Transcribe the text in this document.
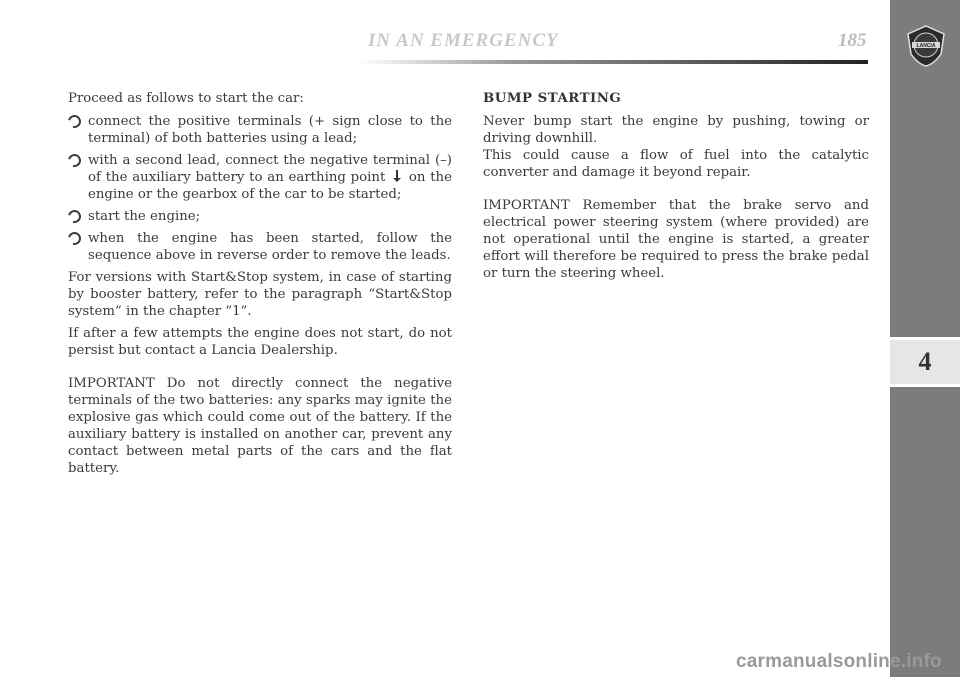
IN AN EMERGENCY	185	LANCIA
4

Proceed as follows to start the car:

connect the positive terminals (+ sign close to the terminal) of both batteries using a lead;
with a second lead, connect the negative terminal (–) of the auxiliary battery to an earthing point on the engine or the gearbox of the car to be started;
start the engine;
when the engine has been started, follow the sequence above in reverse order to remove the leads.

For versions with Start&Stop system, in case of starting by booster battery, refer to the paragraph “Start&Stop system” in the chapter “1”.

If after a few attempts the engine does not start, do not persist but contact a Lancia Dealership.

IMPORTANT Do not directly connect the negative terminals of the two batteries: any sparks may ignite the explosive gas which could come out of the battery. If the auxiliary battery is installed on another car, prevent any contact between metal parts of the cars and the flat battery.

BUMP STARTING

Never bump start the engine by pushing, towing or driving downhill.

This could cause a flow of fuel into the catalytic converter and damage it beyond repair.

IMPORTANT Remember that the brake servo and electrical power steering system (where provided) are not operational until the engine is started, a greater effort will therefore be required to press the brake pedal or turn the steering wheel.

carmanualsonline.info
